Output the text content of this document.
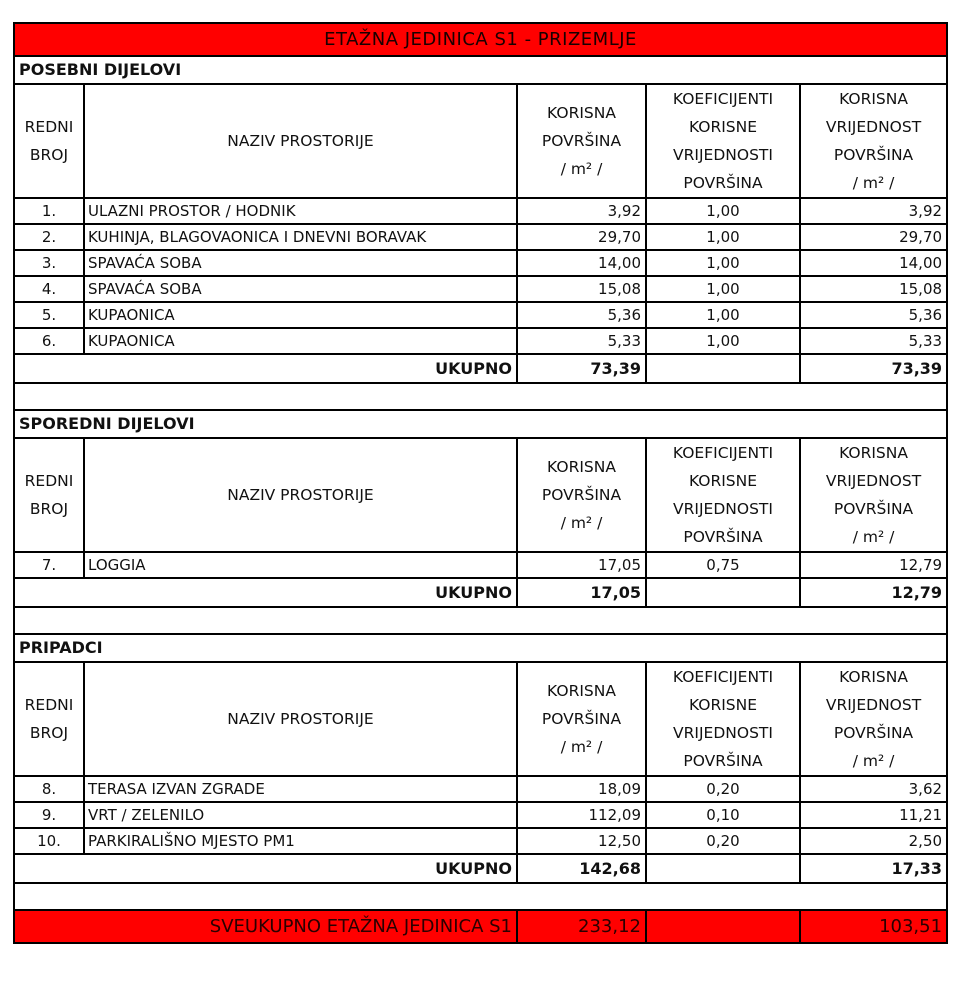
ETAŽNA JEDINICA S1 - PRIZEMLJE				
POSEBNI DIJELOVI				

REDNI
BROJ	NAZIV PROSTORIJE	KORISNA
POVRŠINA
/ m² /	KOEFICIJENTI
KORISNE
VRIJEDNOSTI
POVRŠINA	KORISNA
VRIJEDNOST
POVRŠINA
/ m² /

1.	ULAZNI PROSTOR / HODNIK	3,92	1,00	3,92
2.	KUHINJA, BLAGOVAONICA I DNEVNI BORAVAK	29,70	1,00	29,70
3.	SPAVAĆA SOBA	14,00	1,00	14,00
4.	SPAVAĆA SOBA	15,08	1,00	15,08
5.	KUPAONICA	5,36	1,00	5,36
6.	KUPAONICA	5,33	1,00	5,33
UKUPNO		73,39		73,39

SPOREDNI DIJELOVI				

REDNI
BROJ	NAZIV PROSTORIJE	KORISNA
POVRŠINA
/ m² /	KOEFICIJENTI
KORISNE
VRIJEDNOSTI
POVRŠINA	KORISNA
VRIJEDNOST
POVRŠINA
/ m² /

7.	LOGGIA	17,05	0,75	12,79
UKUPNO		17,05		12,79

PRIPADCI				

REDNI
BROJ	NAZIV PROSTORIJE	KORISNA
POVRŠINA
/ m² /	KOEFICIJENTI
KORISNE
VRIJEDNOSTI
POVRŠINA	KORISNA
VRIJEDNOST
POVRŠINA
/ m² /

8.	TERASA IZVAN ZGRADE	18,09	0,20	3,62
9.	VRT / ZELENILO	112,09	0,10	11,21
10.	PARKIRALIŠNO MJESTO PM1	12,50	0,20	2,50
UKUPNO		142,68		17,33

SVEUKUPNO ETAŽNA JEDINICA S1		233,12		103,51
